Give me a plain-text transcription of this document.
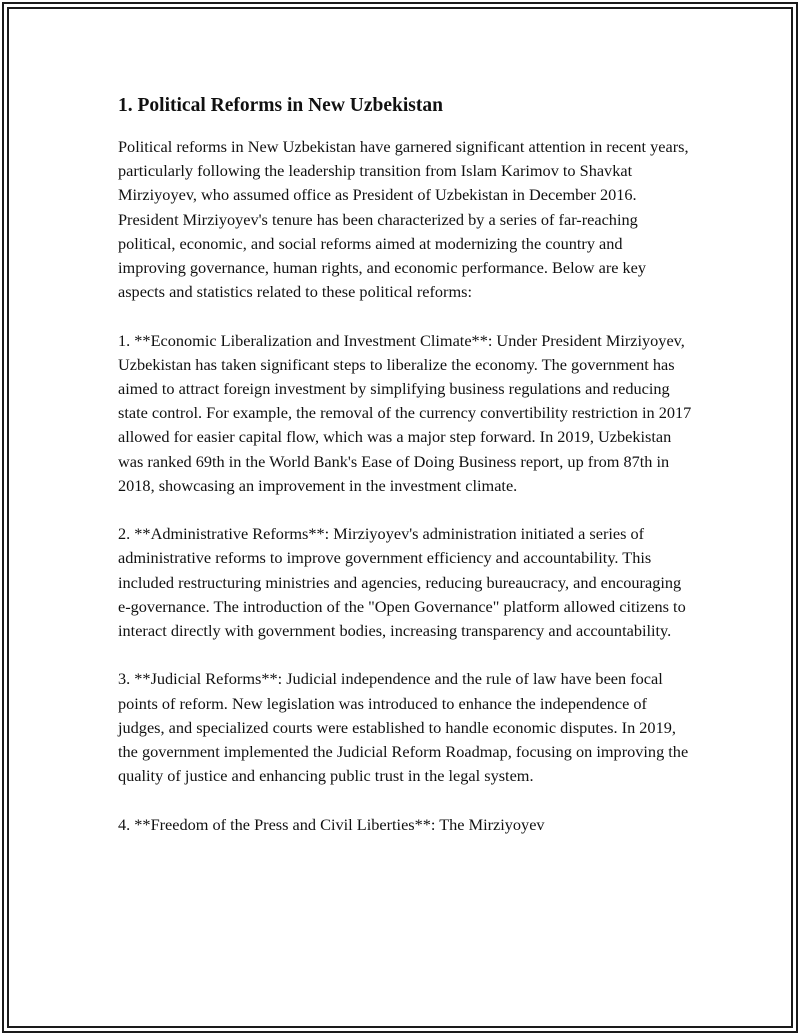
1. Political Reforms in New Uzbekistan

Political reforms in New Uzbekistan have garnered significant attention in recent years, particularly following the leadership transition from Islam Karimov to Shavkat Mirziyoyev, who assumed office as President of Uzbekistan in December 2016. President Mirziyoyev's tenure has been characterized by a series of far-reaching political, economic, and social reforms aimed at modernizing the country and improving governance, human rights, and economic performance. Below are key aspects and statistics related to these political reforms:

1. **Economic Liberalization and Investment Climate**: Under President Mirziyoyev, Uzbekistan has taken significant steps to liberalize the economy. The government has aimed to attract foreign investment by simplifying business regulations and reducing state control. For example, the removal of the currency convertibility restriction in 2017 allowed for easier capital flow, which was a major step forward. In 2019, Uzbekistan was ranked 69th in the World Bank's Ease of Doing Business report, up from 87th in 2018, showcasing an improvement in the investment climate.

2. **Administrative Reforms**: Mirziyoyev's administration initiated a series of administrative reforms to improve government efficiency and accountability. This included restructuring ministries and agencies, reducing bureaucracy, and encouraging e-governance. The introduction of the "Open Governance" platform allowed citizens to interact directly with government bodies, increasing transparency and accountability.

3. **Judicial Reforms**: Judicial independence and the rule of law have been focal points of reform. New legislation was introduced to enhance the independence of judges, and specialized courts were established to handle economic disputes. In 2019, the government implemented the Judicial Reform Roadmap, focusing on improving the quality of justice and enhancing public trust in the legal system.

4. **Freedom of the Press and Civil Liberties**: The Mirziyoyev
